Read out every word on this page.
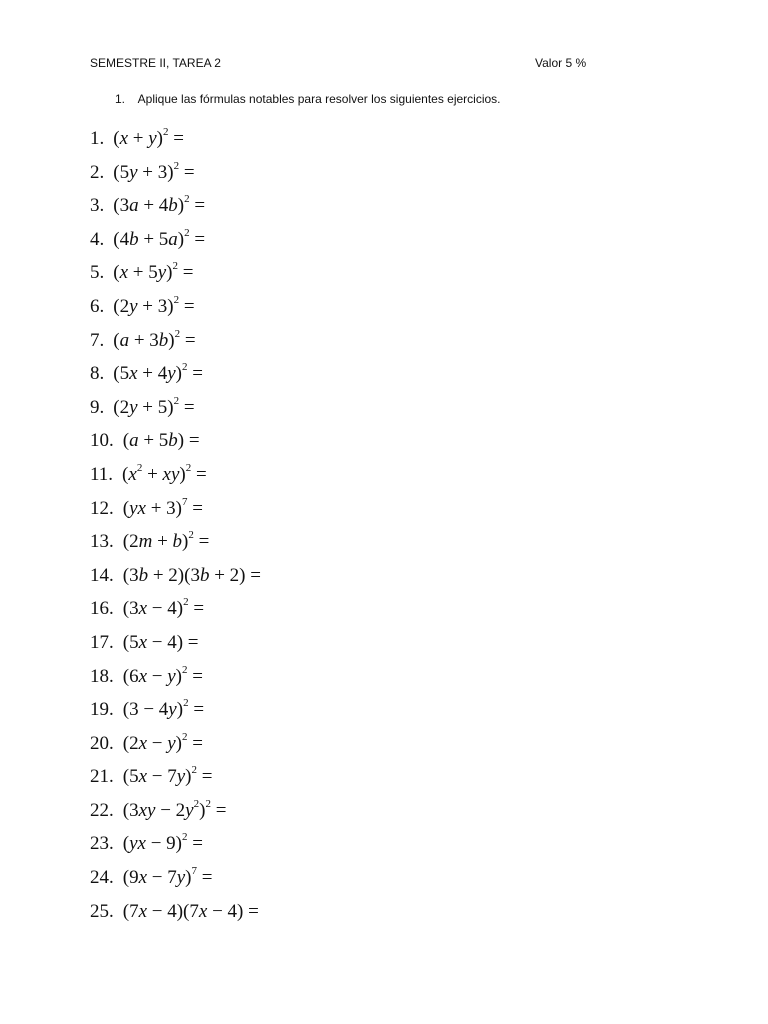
SEMESTRE II, TAREA 2	Valor 5 %
1. Aplique las fórmulas notables para resolver los siguientes ejercicios.
1. $(x + y)^2$ =
2. $(5y + 3)^2$ =
3. $(3a + 4b)^2$ =
4. $(4b + 5a)^2$ =
5. $(x + 5y)^2$ =
6. $(2y + 3)^2$ =
7. $(a + 3b)^2$ =
8. $(5x + 4y)^2$ =
9. $(2y + 5)^2$ =
10. (a + 5b) =
11. $(x^2 + xy)^2$ =
12. (yx + 3)$^7$ =
13. $(2m + b)^2$ =
14. (3b + 2)(3b + 2) =
16. $(3x - 4)^2$ =
17. (5x − 4) =
18. $(6x - y)^2$ =
19. $(3 - 4y)^2$ =
20. $(2x - y)^2$ =
21. $(5x - 7y)^2$ =
22. $(3xy - 2y^2)^2$ =
23. (yx − 9)$^2$ =
24. $(9x - 7y)^7$ =
25. (7x − 4)(7x − 4) =
